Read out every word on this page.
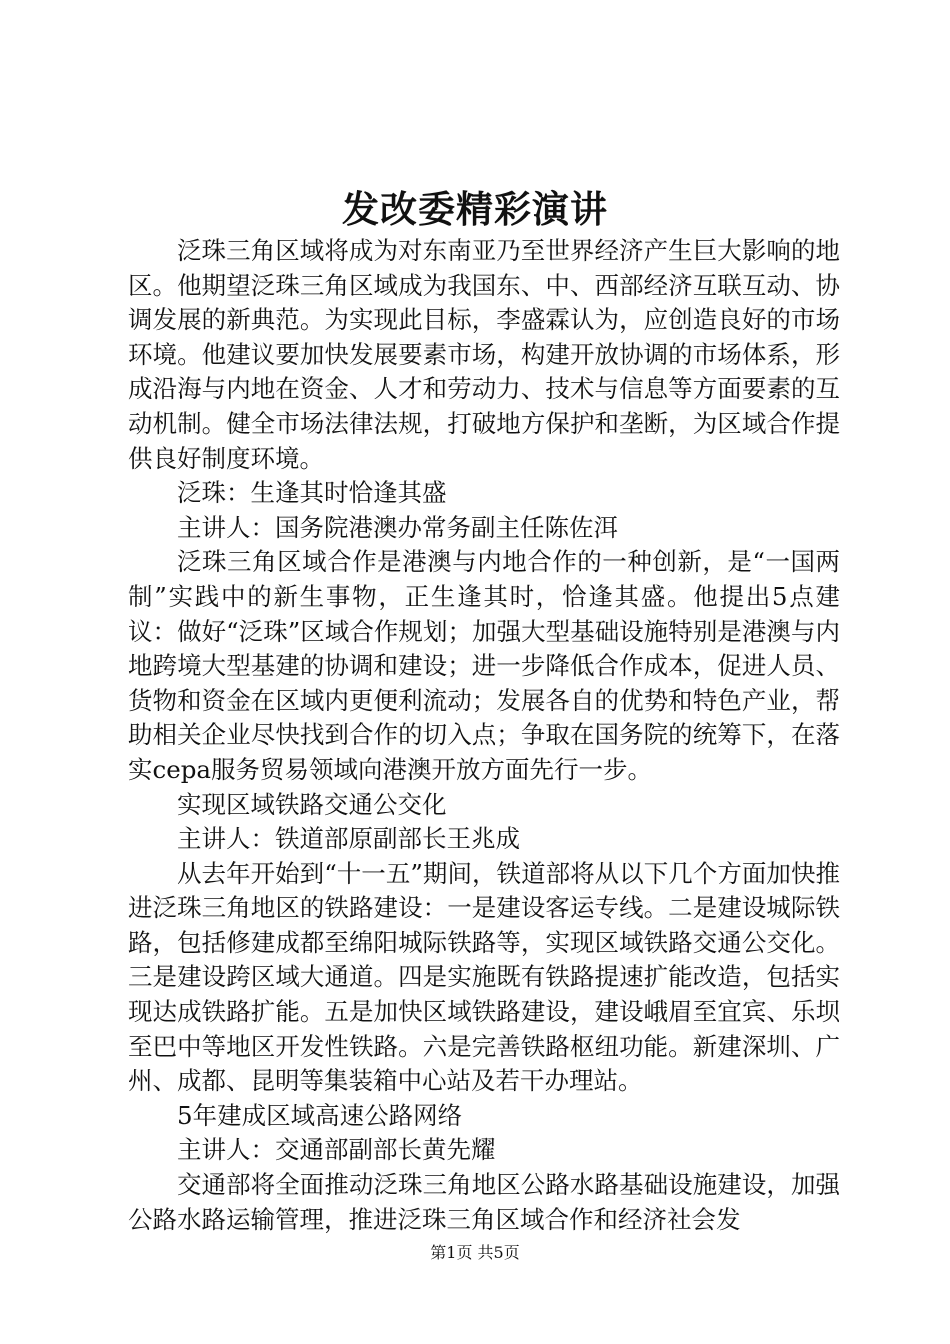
发改委精彩演讲

泛珠三角区域将成为对东南亚乃至世界经济产生巨大影响的地区。他期望泛珠三角区域成为我国东、中、西部经济互联互动、协调发展的新典范。为实现此目标，李盛霖认为，应创造良好的市场环境。他建议要加快发展要素市场，构建开放协调的市场体系，形成沿海与内地在资金、人才和劳动力、技术与信息等方面要素的互动机制。健全市场法律法规，打破地方保护和垄断，为区域合作提供良好制度环境。

泛珠：生逢其时恰逢其盛

主讲人：国务院港澳办常务副主任陈佐洱

泛珠三角区域合作是港澳与内地合作的一种创新，是“一国两制”实践中的新生事物，正生逢其时，恰逢其盛。他提出5点建议：做好“泛珠”区域合作规划；加强大型基础设施特别是港澳与内地跨境大型基建的协调和建设；进一步降低合作成本，促进人员、货物和资金在区域内更便利流动；发展各自的优势和特色产业，帮助相关企业尽快找到合作的切入点；争取在国务院的统筹下，在落实cepa服务贸易领域向港澳开放方面先行一步。

实现区域铁路交通公交化

主讲人：铁道部原副部长王兆成

从去年开始到“十一五”期间，铁道部将从以下几个方面加快推进泛珠三角地区的铁路建设：一是建设客运专线。二是建设城际铁路，包括修建成都至绵阳城际铁路等，实现区域铁路交通公交化。三是建设跨区域大通道。四是实施既有铁路提速扩能改造，包括实现达成铁路扩能。五是加快区域铁路建设，建设峨眉至宜宾、乐坝至巴中等地区开发性铁路。六是完善铁路枢纽功能。新建深圳、广州、成都、昆明等集装箱中心站及若干办理站。

5年建成区域高速公路网络

主讲人：交通部副部长黄先耀

交通部将全面推动泛珠三角地区公路水路基础设施建设，加强公路水路运输管理，推进泛珠三角区域合作和经济社会发

第1页 共5页
